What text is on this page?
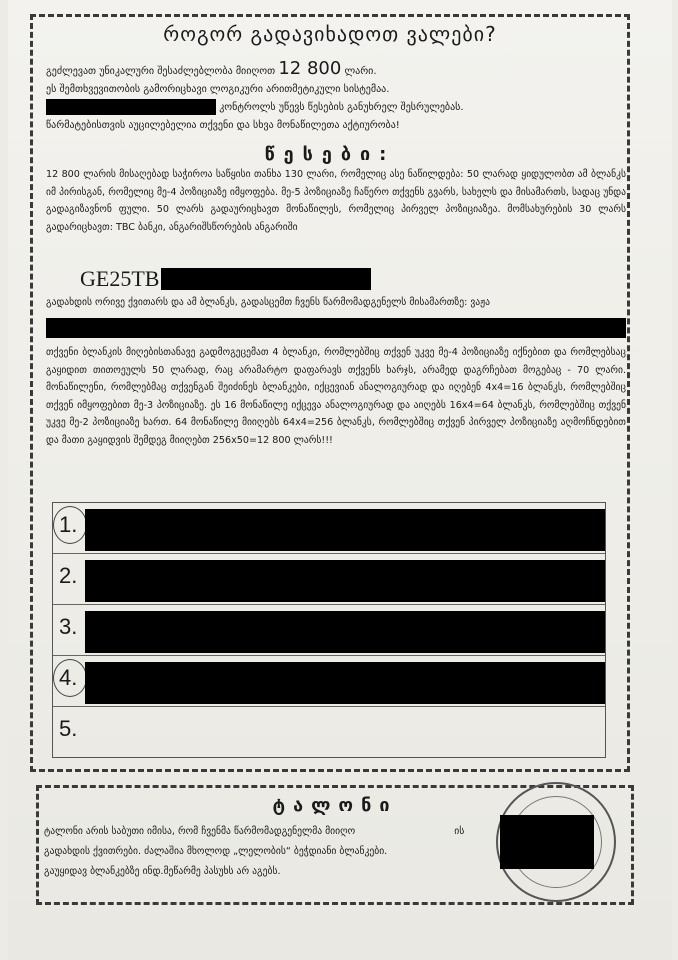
როგორ გადავიხადოთ ვალები?
გეძლევათ უნიკალური შესაძლებლობა მიიღოთ 12 800 ლარი.
ეს შემთხვევითობის გამორიცხავი ლოგიკური არითმეტიკული სისტემაა.
კონტროლს უწევს წესების განუხრელ შესრულებას.
წარმატებისთვის აუცილებელია თქვენი და სხვა მონაწილეთა აქტიურობა!
წესები:
12 800 ლარის მისაღებად საჭიროა საწყისი თანხა 130 ლარი, რომელიც ასე ნაწილდება: 50 ლარად ყიდულობთ ამ ბლანკს იმ პირისგან, რომელიც მე-4 პოზიციაზე იმყოფება. მე-5 პოზიციაზე ჩაწერო თქვენს გვარს, სახელს და მისამართს, სადაც უნდა გადაგიზავნონ ფული. 50 ლარს გადაურიცხავთ მონაწილეს, რომელიც პირველ პოზიციაზეა. მომსახურების 30 ლარს გადარიცხავთ: TBC ბანკი, ანგარიშსწორების ანგარიში
GE25TB
გადახდის ორივე ქვითარს და ამ ბლანკს, გადასცემთ ჩვენს წარმომადგენელს მისამართზე: ვაჟა
თქვენი ბლანკის მიღებისთანავე გადმოგეცემათ 4 ბლანკი, რომლებშიც თქვენ უკვე მე-4 პოზიციაზე იქნებით და რომლებსაც გაყიდით თითოეულს 50 ლარად, რაც არამარტო დაფარავს თქვენს ხარჯს, არამედ დაგრჩებათ მოგებაც - 70 ლარი. მონაწილენი, რომლებმაც თქვენგან შეიძინეს ბლანკები, იქცევიან ანალოგიურად და იღებენ 4x4=16 ბლანკს, რომლებშიც თქვენ იმყოფებით მე-3 პოზიციაზე. ეს 16 მონაწილე იქცევა ანალოგიურად და აიღებს 16x4=64 ბლანკს, რომლებშიც თქვენ უკვე მე-2 პოზიციაზე ხართ. 64 მონაწილე მიიღებს 64x4=256 ბლანკს, რომლებშიც თქვენ პირველ პოზიციაზე აღმოჩნდებით და მათი გაყიდვის შემდეგ მიიღებთ 256x50=12 800 ლარს!!!
1.
2.
3.
4.
5.
ტალონი
ტალონი არის საბუთი იმისა, რომ ჩვენმა წარმომადგენელმა მიიღო	ის
გადახდის ქვითრები. ძალაშია მხოლოდ „ლელობის“ ბეჭდიანი ბლანკები.
გაუყიდავ ბლანკებზე ინდ.მეწარმე პასუხს არ აგებს.
